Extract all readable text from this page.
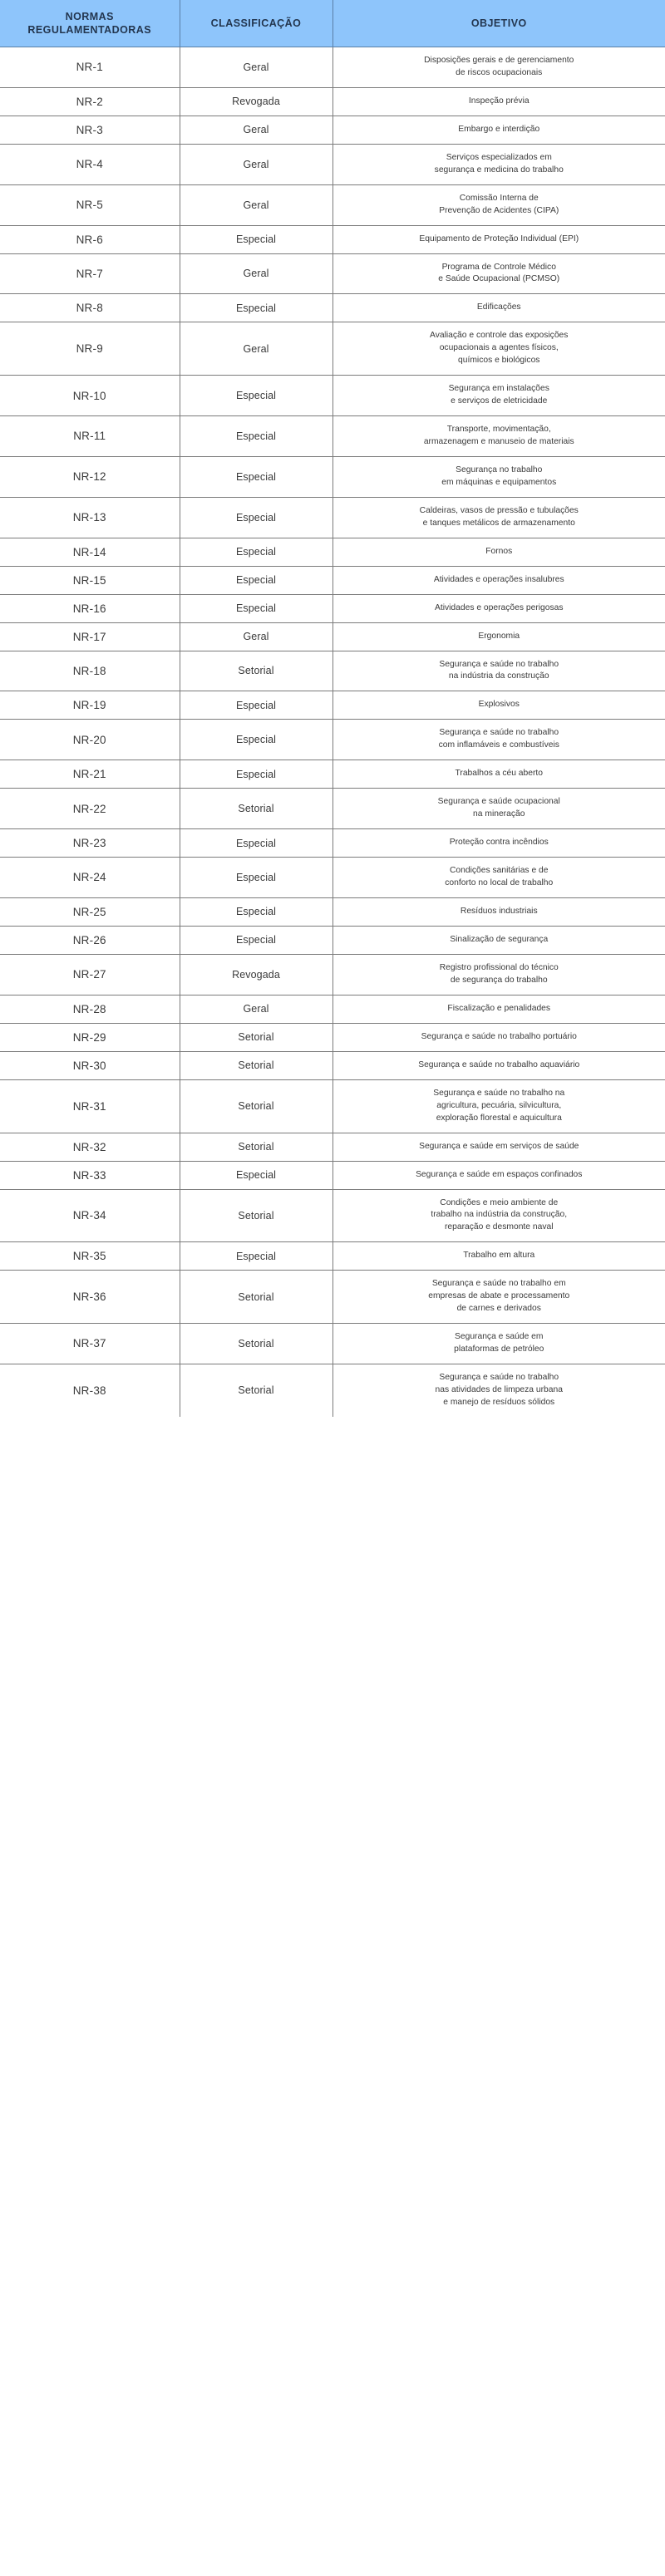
NORMAS
REGULAMENTADORAS	CLASSIFICAÇÃO	OBJETIVO
NR-1	Geral	Disposições gerais e de gerenciamento
de riscos ocupacionais

NR-2	Revogada	Inspeção prévia

NR-3	Geral	Embargo e interdição

NR-4	Geral	Serviços especializados em
segurança e medicina do trabalho

NR-5	Geral	Comissão Interna de
Prevenção de Acidentes (CIPA)

NR-6	Especial	Equipamento de Proteção Individual (EPI)

NR-7	Geral	Programa de Controle Médico
e Saúde Ocupacional (PCMSO)

NR-8	Especial	Edificações

NR-9	Geral	Avaliação e controle das exposições
ocupacionais a agentes físicos,
químicos e biológicos

NR-10	Especial	Segurança em instalações
e serviços de eletricidade

NR-11	Especial	Transporte, movimentação,
armazenagem e manuseio de materiais

NR-12	Especial	Segurança no trabalho
em máquinas e equipamentos

NR-13	Especial	Caldeiras, vasos de pressão e tubulações
e tanques metálicos de armazenamento

NR-14	Especial	Fornos

NR-15	Especial	Atividades e operações insalubres

NR-16	Especial	Atividades e operações perigosas

NR-17	Geral	Ergonomia

NR-18	Setorial	Segurança e saúde no trabalho
na indústria da construção

NR-19	Especial	Explosivos

NR-20	Especial	Segurança e saúde no trabalho
com inflamáveis e combustíveis

NR-21	Especial	Trabalhos a céu aberto

NR-22	Setorial	Segurança e saúde ocupacional
na mineração

NR-23	Especial	Proteção contra incêndios

NR-24	Especial	Condições sanitárias e de
conforto no local de trabalho

NR-25	Especial	Resíduos industriais

NR-26	Especial	Sinalização de segurança

NR-27	Revogada	Registro profissional do técnico
de segurança do trabalho

NR-28	Geral	Fiscalização e penalidades

NR-29	Setorial	Segurança e saúde no trabalho portuário

NR-30	Setorial	Segurança e saúde no trabalho aquaviário

NR-31	Setorial	Segurança e saúde no trabalho na
agricultura, pecuária, silvicultura,
exploração florestal e aquicultura

NR-32	Setorial	Segurança e saúde em serviços de saúde

NR-33	Especial	Segurança e saúde em espaços confinados

NR-34	Setorial	Condições e meio ambiente de
trabalho na indústria da construção,
reparação e desmonte naval

NR-35	Especial	Trabalho em altura

NR-36	Setorial	Segurança e saúde no trabalho em
empresas de abate e processamento
de carnes e derivados

NR-37	Setorial	Segurança e saúde em
plataformas de petróleo

NR-38	Setorial	Segurança e saúde no trabalho
nas atividades de limpeza urbana
e manejo de resíduos sólidos
